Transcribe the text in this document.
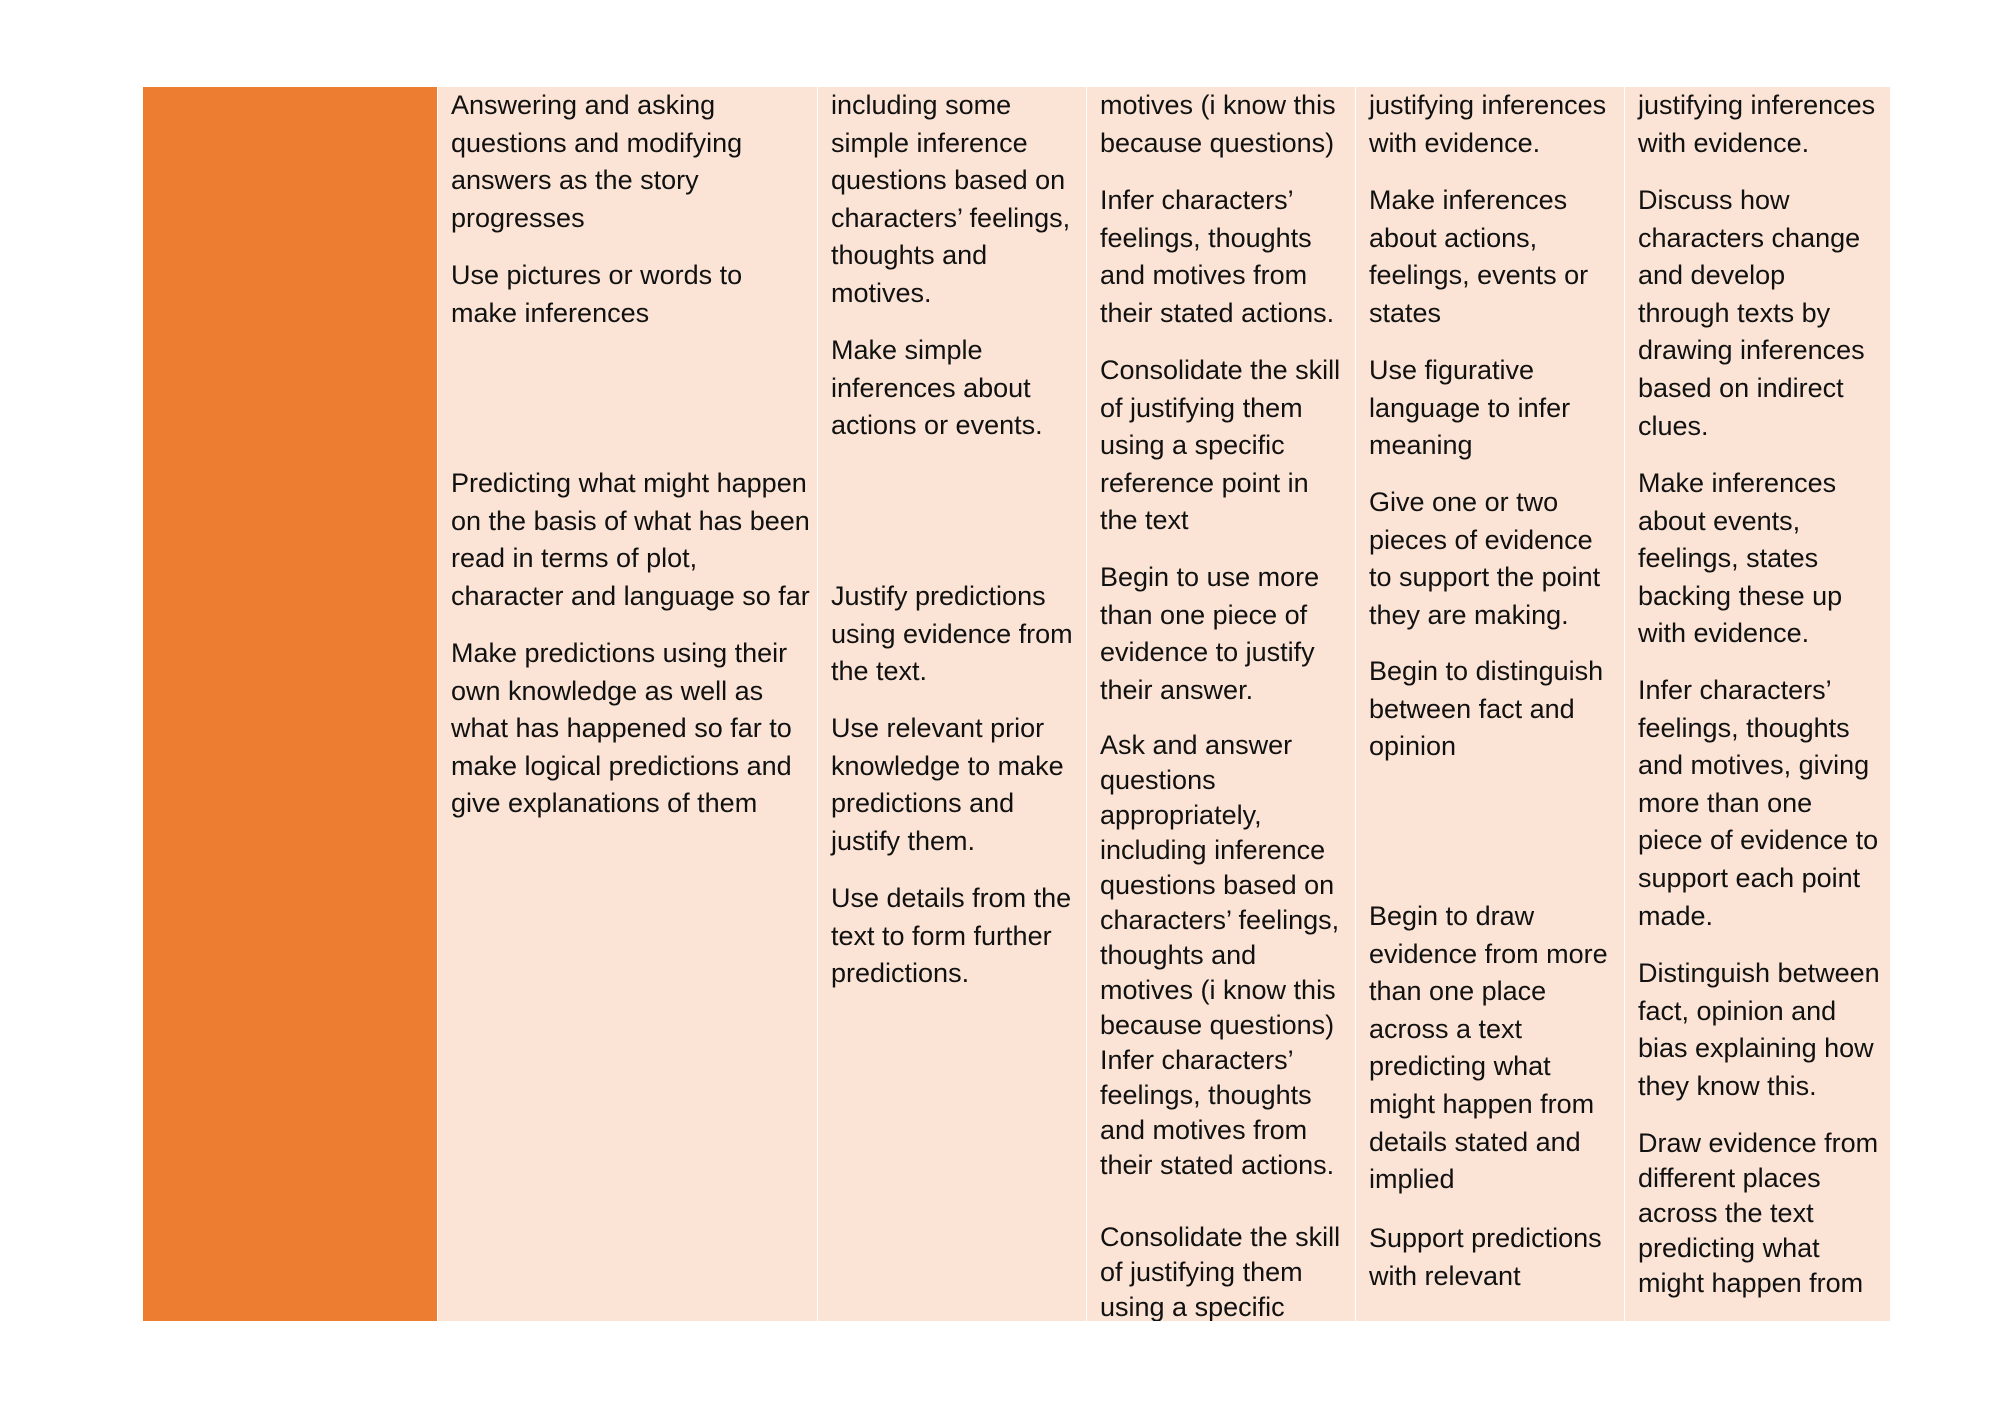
Answering and asking questions and modifying answers as the story progresses

Use pictures or words to make inferences

Predicting what might happen on the basis of what has been read in terms of plot, character and language so far

Make predictions using their own knowledge as well as what has happened so far to make logical predictions and give explanations of them

including some simple inference questions based on characters’ feelings, thoughts and motives.

Make simple inferences about actions or events.

Justify predictions using evidence from the text.

Use relevant prior knowledge to make predictions and justify them.

Use details from the text to form further predictions.

motives (i know this because questions)

Infer characters’ feelings, thoughts and motives from their stated actions.

Consolidate the skill of justifying them using a specific reference point in the text

Begin to use more than one piece of evidence to justify their answer.

Ask and answer questions appropriately, including inference questions based on characters’ feelings, thoughts and motives (i know this because questions) Infer characters’ feelings, thoughts and motives from their stated actions.

Consolidate the skill of justifying them using a specific

justifying inferences with evidence.

Make inferences about actions, feelings, events or states

Use figurative language to infer meaning

Give one or two pieces of evidence to support the point they are making.

Begin to distinguish between fact and opinion

Begin to draw evidence from more than one place across a text predicting what might happen from details stated and implied

Support predictions with relevant

justifying inferences with evidence.

Discuss how characters change and develop through texts by drawing inferences based on indirect clues.

Make inferences about events, feelings, states backing these up with evidence.

Infer characters’ feelings, thoughts and motives, giving more than one piece of evidence to support each point made.

Distinguish between fact, opinion and bias explaining how they know this.

Draw evidence from different places across the text predicting what might happen from
